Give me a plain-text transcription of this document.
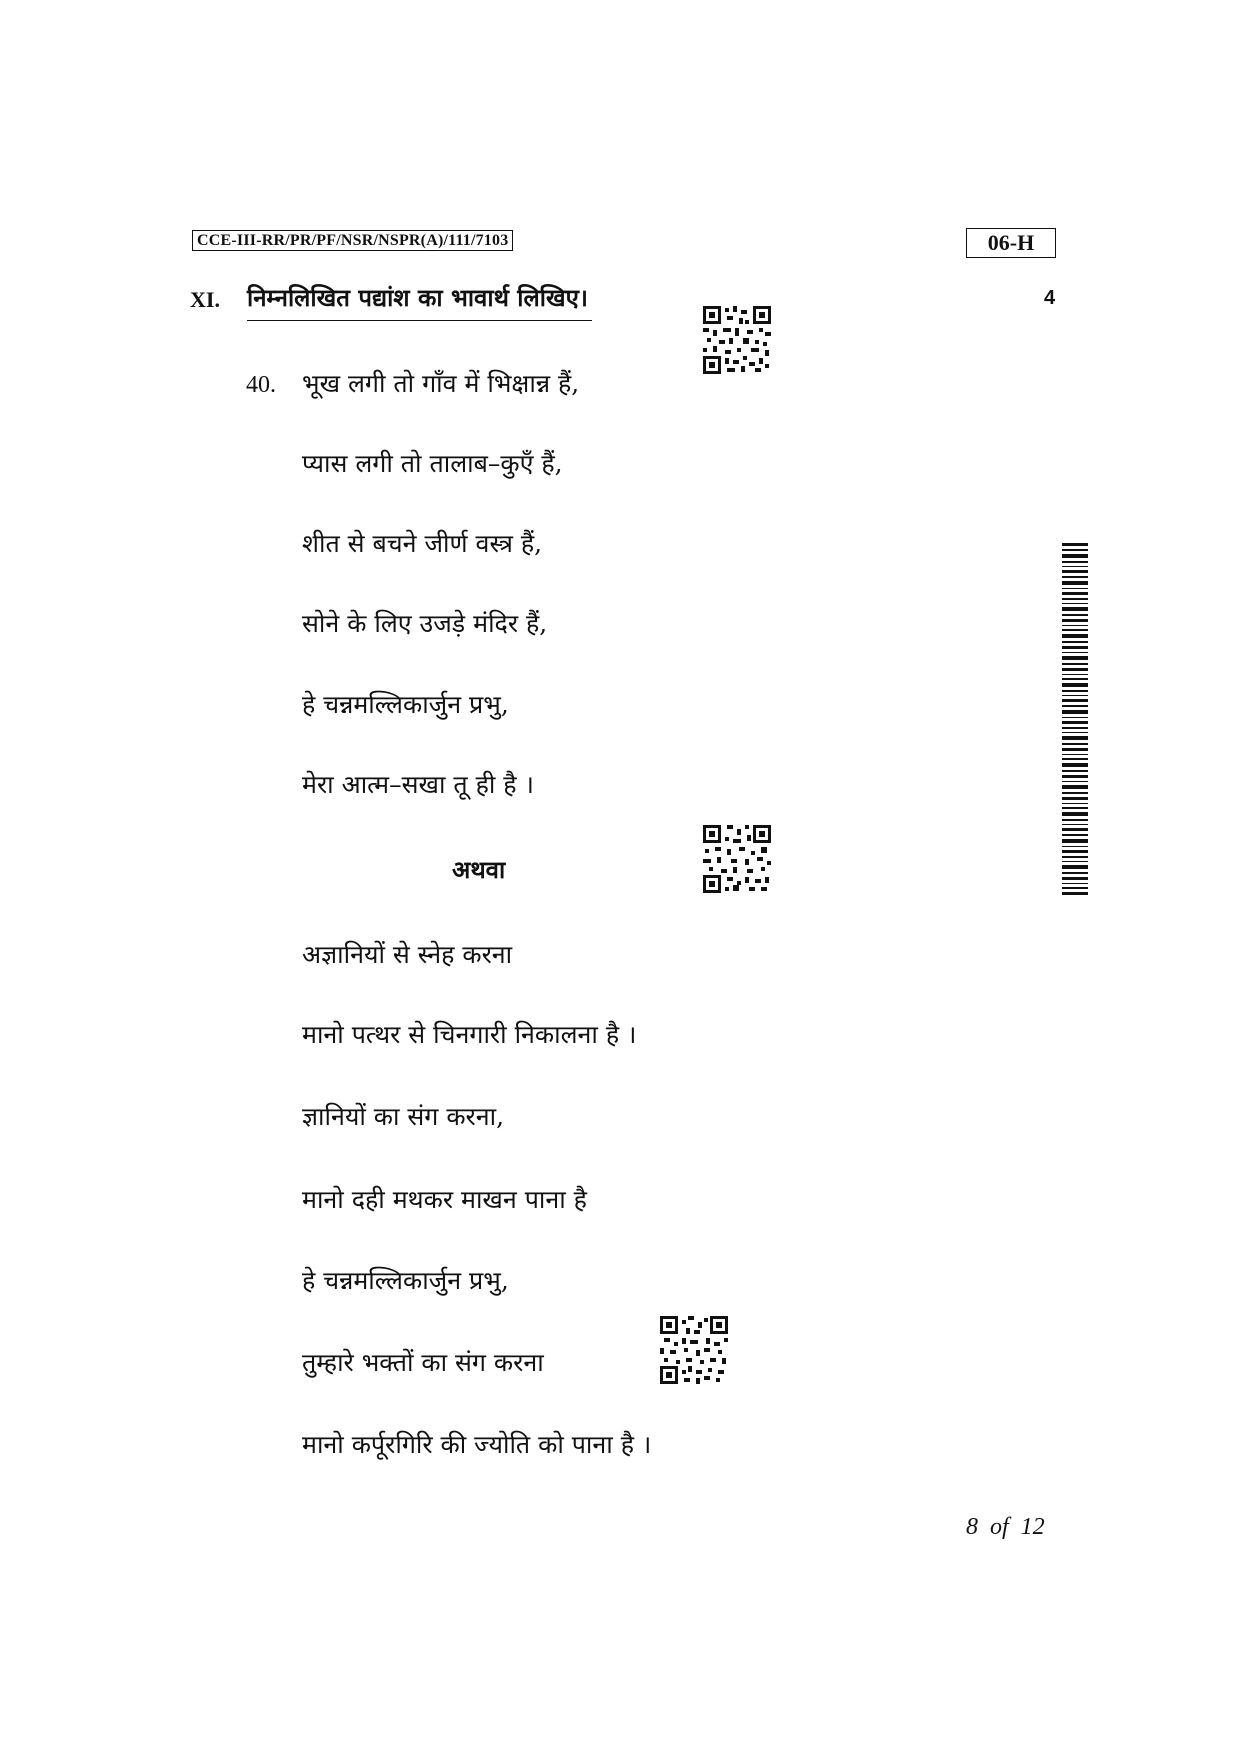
CCE-III-RR/PR/PF/NSR/NSPR(A)/111/7103	06-H
XI. निम्नलिखित पद्यांश का भावार्थ लिखिए।	4
40. भूख लगी तो गाँव में भिक्षान्न हैं,
प्यास लगी तो तालाब–कुएँ हैं,
शीत से बचने जीर्ण वस्त्र हैं,
सोने के लिए उजड़े मंदिर हैं,
हे चन्नमल्लिकार्जुन प्रभु,
मेरा आत्म–सखा तू ही है ।
अथवा
अज्ञानियों से स्नेह करना
मानो पत्थर से चिनगारी निकालना है ।
ज्ञानियों का संग करना,
मानो दही मथकर माखन पाना है
हे चन्नमल्लिकार्जुन प्रभु,
तुम्हारे भक्तों का संग करना
मानो कर्पूरगिरि की ज्योति को पाना है ।
8 of 12
